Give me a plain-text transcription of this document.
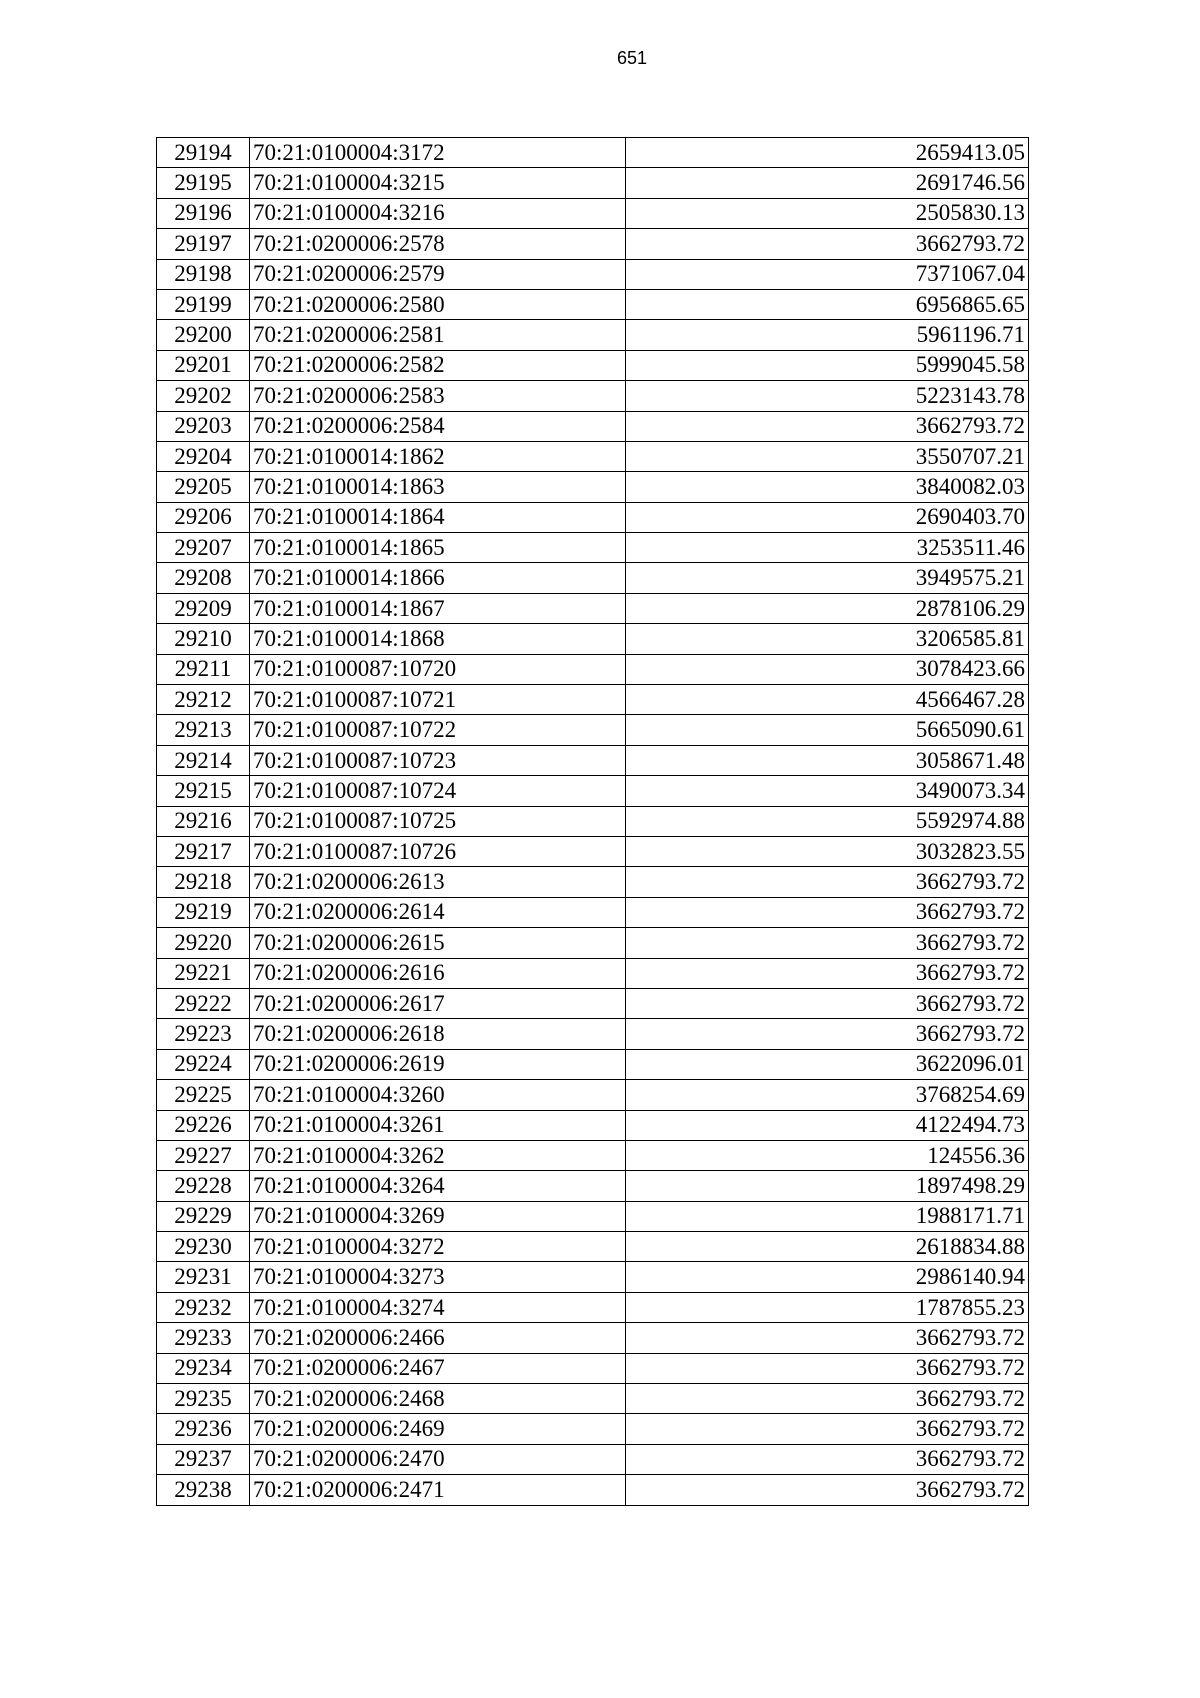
651
29194	70:21:0100004:3172	2659413.05
29195	70:21:0100004:3215	2691746.56
29196	70:21:0100004:3216	2505830.13
29197	70:21:0200006:2578	3662793.72
29198	70:21:0200006:2579	7371067.04
29199	70:21:0200006:2580	6956865.65
29200	70:21:0200006:2581	5961196.71
29201	70:21:0200006:2582	5999045.58
29202	70:21:0200006:2583	5223143.78
29203	70:21:0200006:2584	3662793.72
29204	70:21:0100014:1862	3550707.21
29205	70:21:0100014:1863	3840082.03
29206	70:21:0100014:1864	2690403.70
29207	70:21:0100014:1865	3253511.46
29208	70:21:0100014:1866	3949575.21
29209	70:21:0100014:1867	2878106.29
29210	70:21:0100014:1868	3206585.81
29211	70:21:0100087:10720	3078423.66
29212	70:21:0100087:10721	4566467.28
29213	70:21:0100087:10722	5665090.61
29214	70:21:0100087:10723	3058671.48
29215	70:21:0100087:10724	3490073.34
29216	70:21:0100087:10725	5592974.88
29217	70:21:0100087:10726	3032823.55
29218	70:21:0200006:2613	3662793.72
29219	70:21:0200006:2614	3662793.72
29220	70:21:0200006:2615	3662793.72
29221	70:21:0200006:2616	3662793.72
29222	70:21:0200006:2617	3662793.72
29223	70:21:0200006:2618	3662793.72
29224	70:21:0200006:2619	3622096.01
29225	70:21:0100004:3260	3768254.69
29226	70:21:0100004:3261	4122494.73
29227	70:21:0100004:3262	124556.36
29228	70:21:0100004:3264	1897498.29
29229	70:21:0100004:3269	1988171.71
29230	70:21:0100004:3272	2618834.88
29231	70:21:0100004:3273	2986140.94
29232	70:21:0100004:3274	1787855.23
29233	70:21:0200006:2466	3662793.72
29234	70:21:0200006:2467	3662793.72
29235	70:21:0200006:2468	3662793.72
29236	70:21:0200006:2469	3662793.72
29237	70:21:0200006:2470	3662793.72
29238	70:21:0200006:2471	3662793.72
